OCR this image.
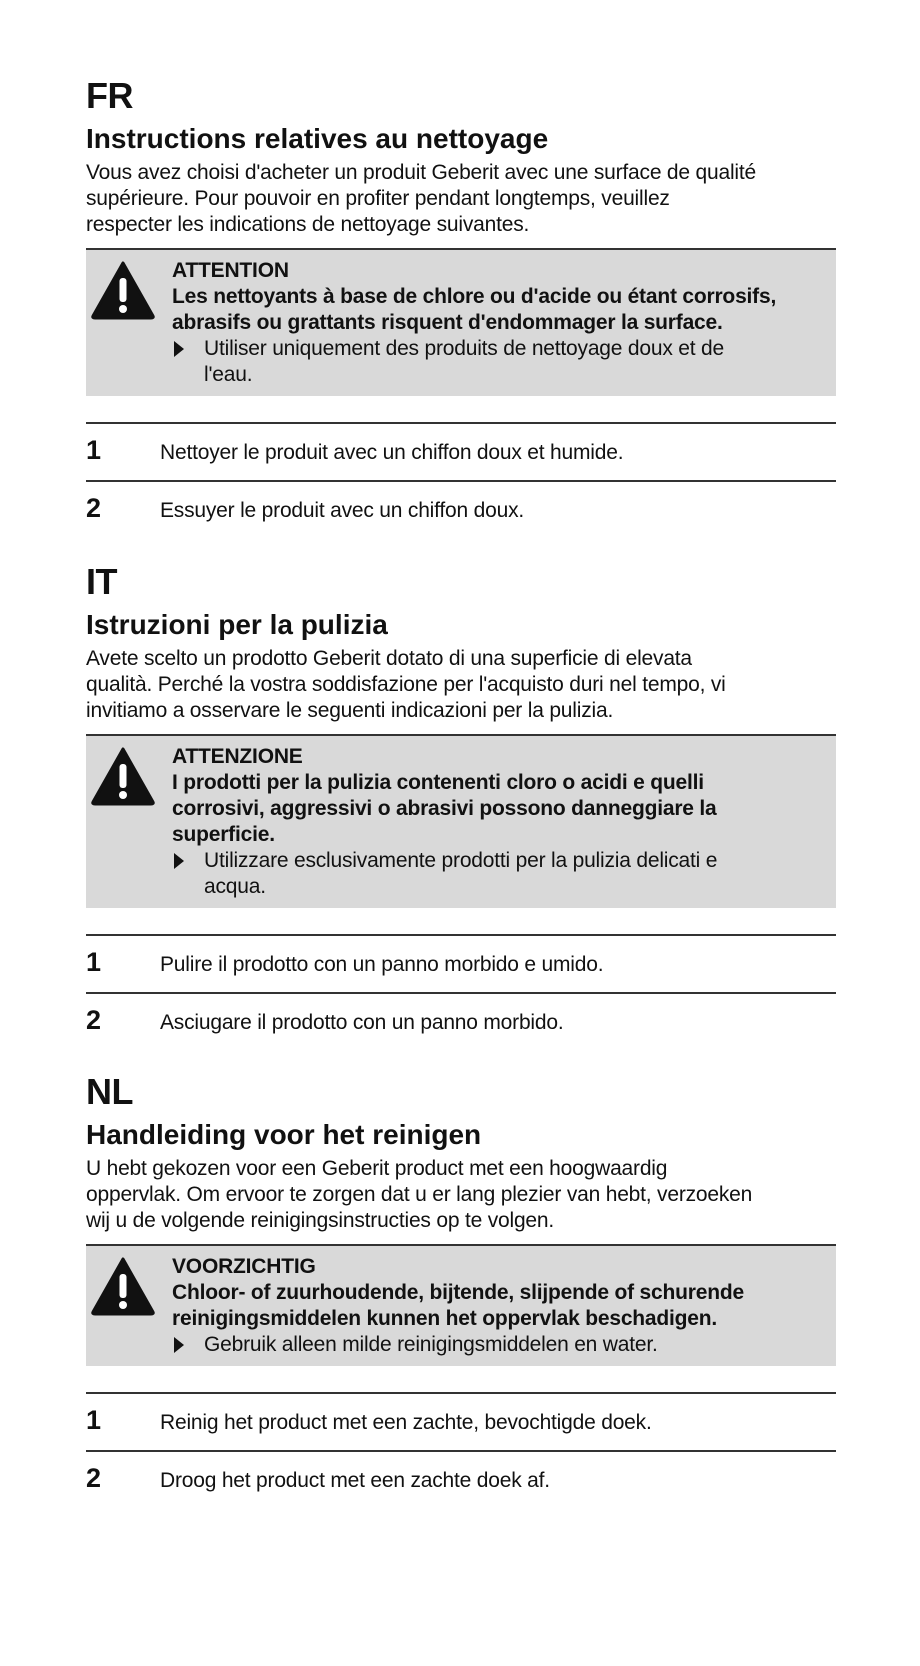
FR
Instructions relatives au nettoyage
Vous avez choisi d'acheter un produit Geberit avec une surface de qualité
supérieure. Pour pouvoir en profiter pendant longtemps, veuillez
respecter les indications de nettoyage suivantes.
ATTENTION
Les nettoyants à base de chlore ou d'acide ou étant corrosifs,
abrasifs ou grattants risquent d'endommager la surface.
Utiliser uniquement des produits de nettoyage doux et de
l'eau.
1	Nettoyer le produit avec un chiffon doux et humide.
2	Essuyer le produit avec un chiffon doux.
IT
Istruzioni per la pulizia
Avete scelto un prodotto Geberit dotato di una superficie di elevata
qualità. Perché la vostra soddisfazione per l'acquisto duri nel tempo, vi
invitiamo a osservare le seguenti indicazioni per la pulizia.
ATTENZIONE
I prodotti per la pulizia contenenti cloro o acidi e quelli
corrosivi, aggressivi o abrasivi possono danneggiare la
superficie.
Utilizzare esclusivamente prodotti per la pulizia delicati e
acqua.
1	Pulire il prodotto con un panno morbido e umido.
2	Asciugare il prodotto con un panno morbido.
NL
Handleiding voor het reinigen
U hebt gekozen voor een Geberit product met een hoogwaardig
oppervlak. Om ervoor te zorgen dat u er lang plezier van hebt, verzoeken
wij u de volgende reinigingsinstructies op te volgen.
VOORZICHTIG
Chloor- of zuurhoudende, bijtende, slijpende of schurende
reinigingsmiddelen kunnen het oppervlak beschadigen.
Gebruik alleen milde reinigingsmiddelen en water.
1	Reinig het product met een zachte, bevochtigde doek.
2	Droog het product met een zachte doek af.
